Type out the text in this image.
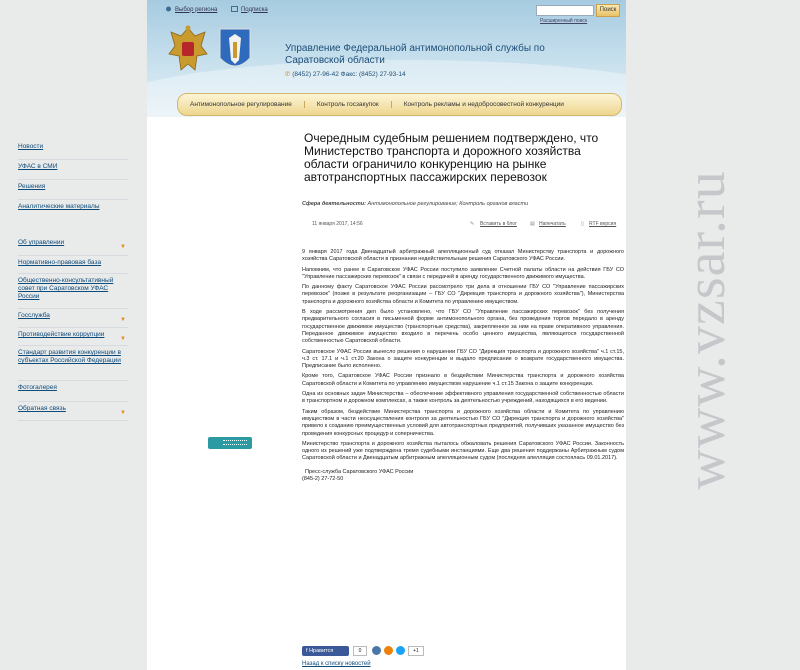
Выбор региона	Подписка	Поиск
Расширенный поиск
Управление Федеральной антимонопольной службы по Саратовской области
✆ (8452) 27-96-42 Факс: (8452) 27-93-14
Антимонопольное регулирование	Контроль госзакупок	Контроль рекламы и недобросовестной конкуренции
Новости
УФАС в СМИ
Решения
Аналитические материалы
Об управлении
▼
Нормативно-правовая база
Общественно-консультативный совет при Саратовском УФАС России
Госслужба
▼
Противодействие коррупции
▼
Стандарт развития конкуренции в субъектах Российской Федерации
Фотогалерея
Обратная связь
▼
Очередным судебным решением подтверждено, что Министерство транспорта и дорожного хозяйства области ограничило конкуренцию на рынке автотранспортных пассажирских перевозок
Сфера деятельности: Антимонопольное регулирование; Контроль органов власти
11 января 2017, 14:56	✎ Вставить в блог	▤ Напечатать	▯ RTF версия

9 января 2017 года Двенадцатый арбитражный апелляционный суд отказал Министерству транспорта и дорожного хозяйства Саратовской области в признании недействительным решения Саратовского УФАС России.

Напомним, что ранее в Саратовское УФАС России поступило заявление Счетной палаты области на действия ГБУ СО "Управление пассажирских перевозок" в связи с передачей в аренду государственного движимого имущества.

По данному факту Саратовское УФАС России рассмотрело три дела в отношении ГБУ СО "Управление пассажирских перевозок" (позже в результате реорганизации – ГБУ СО "Дирекция транспорта и дорожного хозяйства"), Министерства транспорта и дорожного хозяйства области и Комитета по управлению имуществом.

В ходе рассмотрения дел было установлено, что ГБУ СО "Управление пассажирских перевозок" без получения предварительного согласия в письменной форме антимонопольного органа, без проведения торгов передало в аренду государственное движимое имущество (транспортные средства), закрепленное за ним на праве оперативного управления. Переданное движимое имущество входило в перечень особо ценного имущества, являющегося государственной собственностью Саратовской области.

Саратовское УФАС России вынесло решения о нарушении ГБУ СО "Дирекция транспорта и дорожного хозяйства" ч.1 ст.15, ч.3 ст. 17.1 и ч.1 ст.20 Закона о защите конкуренции и выдало предписание о возврате государственного имущества. Предписание было исполнено.

Кроме того, Саратовское УФАС России признало в бездействии Министерства транспорта и дорожного хозяйства Саратовской области и Комитета по управлению имуществом нарушение ч.1 ст.15 Закона о защите конкуренции.

Одна из основных задач Министерства – обеспечение эффективного управления государственной собственностью области в транспортном и дорожном комплексах, а также контроль за деятельностью учреждений, находящихся в его ведении.

Таким образом, бездействие Министерства транспорта и дорожного хозяйства области и Комитета по управлению имуществом в части неосуществления контроля за деятельностью ГБУ СО "Дирекция транспорта и дорожного хозяйства" привело к созданию преимущественных условий для автотранспортных предприятий, получивших указанное имущество без проведения конкурсных процедур и соперничества.

Министерство транспорта и дорожного хозяйства пыталось обжаловать решения Саратовского УФАС России. Законность одного из решений уже подтверждена тремя судебными инстанциями. Еще два решения поддержаны Арбитражным судом Саратовской области и Двенадцатым арбитражным апелляционным судом (последняя апелляция состоялась 09.01.2017).

Пресс-служба Саратовского УФАС России

(845-2) 27-72-50

f Нравится	0	+1
Назад к списку новостей
www.vzsar.ru
